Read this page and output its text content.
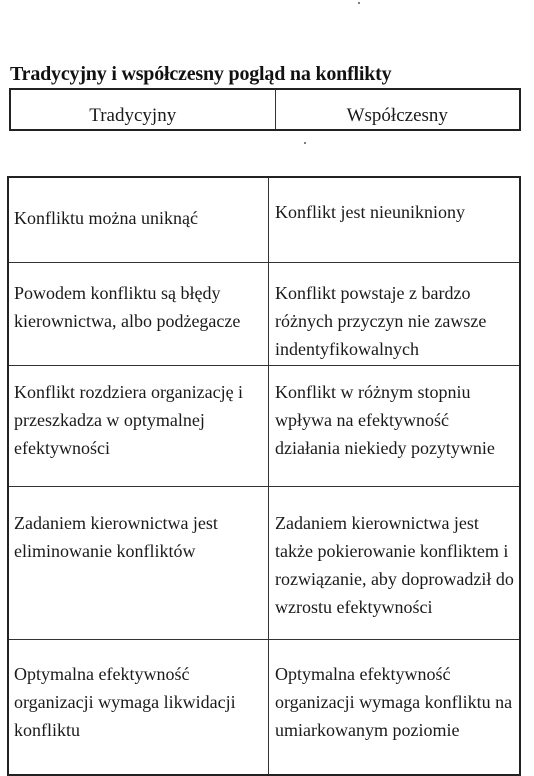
Tradycyjny i współczesny pogląd na konflikty
Tradycyjny	Współczesny
Konfliktu można uniknąć	Konflikt jest nieunikniony

Powodem konfliktu są błędy kierownictwa, albo podżegacze	Konflikt powstaje z bardzo różnych przyczyn nie zawsze indentyfikowalnych

Konflikt rozdziera organizację i przeszkadza w optymalnej efektywności	Konflikt w różnym stopniu wpływa na efektywność działania niekiedy pozytywnie

Zadaniem kierownictwa jest eliminowanie konfliktów	Zadaniem kierownictwa jest także pokierowanie konfliktem i rozwiązanie, aby doprowadził do wzrostu efektywności

Optymalna efektywność organizacji wymaga likwidacji konfliktu	Optymalna efektywność organizacji wymaga konfliktu na umiarkowanym poziomie
